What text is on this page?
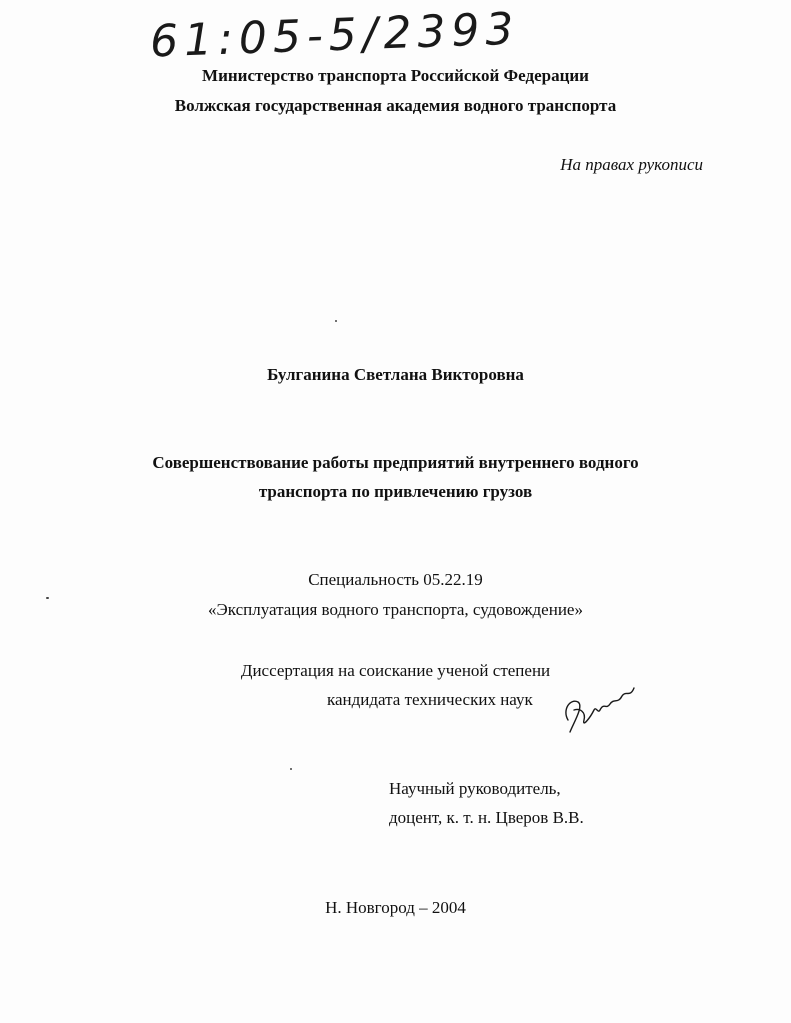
61:05-5/2393
Министерство транспорта Российской Федерации
Волжская государственная академия водного транспорта
На правах рукописи
Булганина Светлана Викторовна
Совершенствование работы предприятий внутреннего водного
транспорта по привлечению грузов
Специальность 05.22.19
«Эксплуатация водного транспорта, судовождение»
Диссертация на соискание ученой степени
кандидата технических наук
Научный руководитель,
доцент, к. т. н. Цверов В.В.
Н. Новгород – 2004
